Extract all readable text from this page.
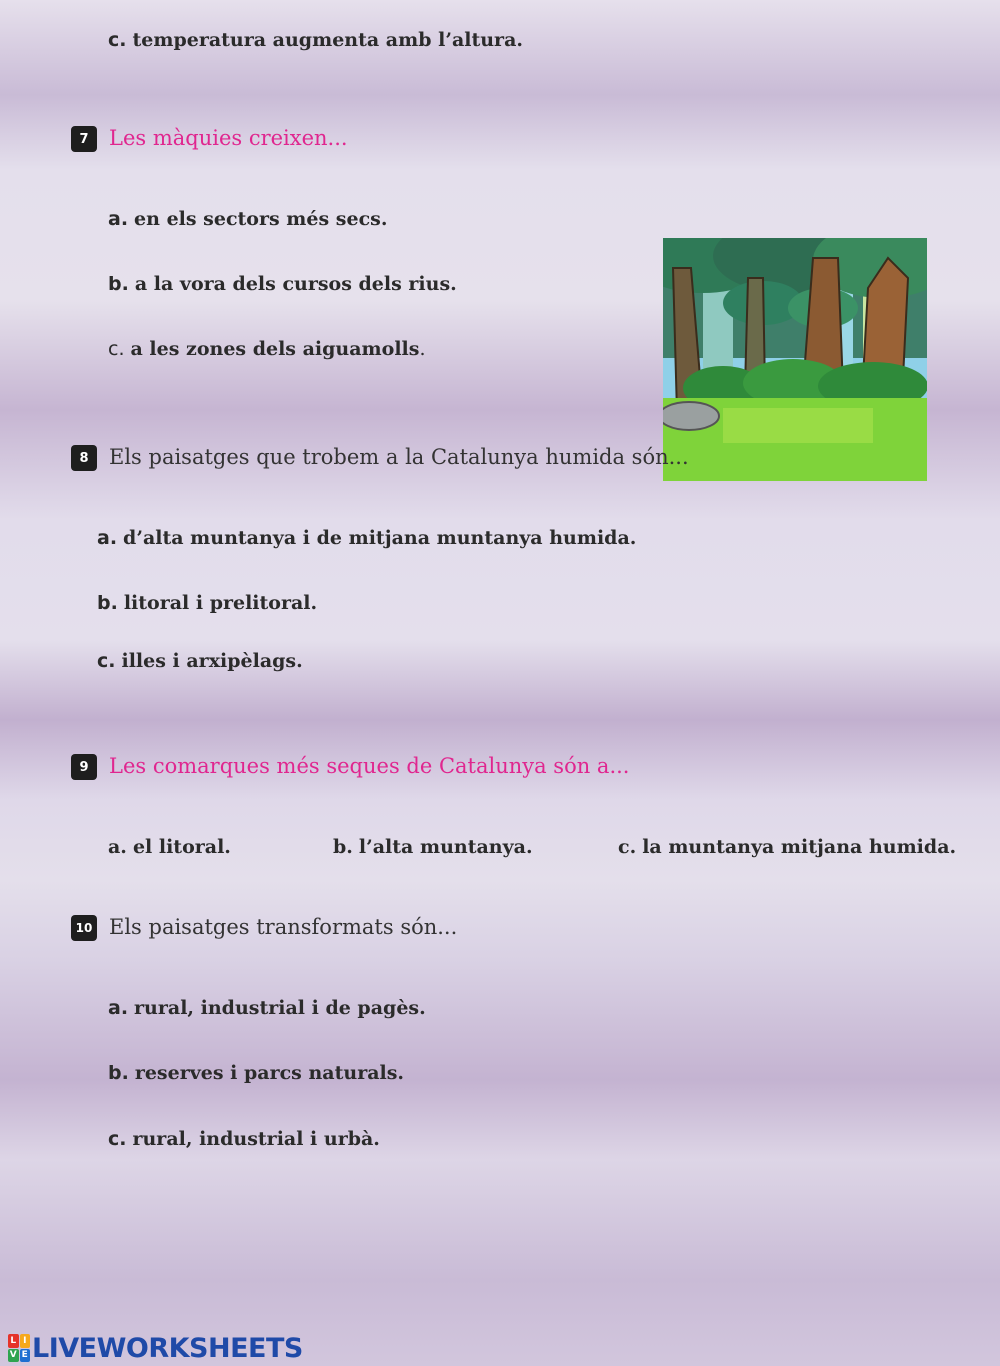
c. temperatura augmenta amb l’altura.
7 Les màquies creixen...
a. en els sectors més secs.
b. a la vora dels cursos dels rius.
c. a les zones dels aiguamolls.
8 Els paisatges que trobem a la Catalunya humida són...
a. d’alta muntanya i de mitjana muntanya humida.
b. litoral i prelitoral.
c. illes i arxipèlags.
9 Les comarques més seques de Catalunya són a...
a. el litoral.	b. l’alta muntanya.	c. la muntanya mitjana humida.
10 Els paisatges transformats són...
a. rural, industrial i de pagès.
b. reserves i parcs naturals.
c. rural, industrial i urbà.
L I
V E LIVEWORKSHEETS
